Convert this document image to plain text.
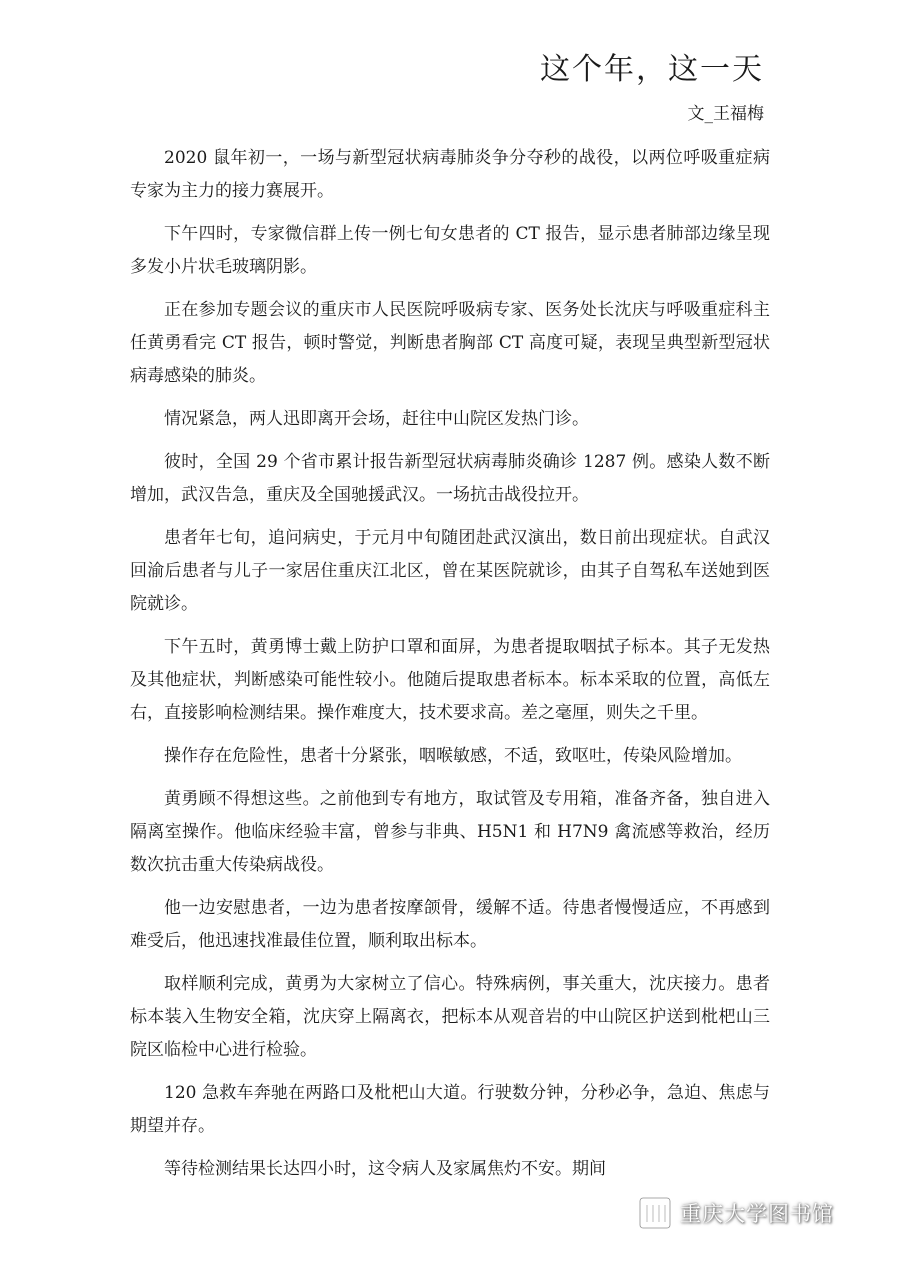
这个年，这一天
文_王福梅

2020 鼠年初一，一场与新型冠状病毒肺炎争分夺秒的战役，以两位呼吸重症病专家为主力的接力赛展开。

下午四时，专家微信群上传一例七旬女患者的 CT 报告，显示患者肺部边缘呈现多发小片状毛玻璃阴影。

正在参加专题会议的重庆市人民医院呼吸病专家、医务处长沈庆与呼吸重症科主任黄勇看完 CT 报告，顿时警觉，判断患者胸部 CT 高度可疑，表现呈典型新型冠状病毒感染的肺炎。

情况紧急，两人迅即离开会场，赶往中山院区发热门诊。

彼时，全国 29 个省市累计报告新型冠状病毒肺炎确诊 1287 例。感染人数不断增加，武汉告急，重庆及全国驰援武汉。一场抗击战役拉开。

患者年七旬，追问病史，于元月中旬随团赴武汉演出，数日前出现症状。自武汉回渝后患者与儿子一家居住重庆江北区，曾在某医院就诊，由其子自驾私车送她到医院就诊。

下午五时，黄勇博士戴上防护口罩和面屏，为患者提取咽拭子标本。其子无发热及其他症状，判断感染可能性较小。他随后提取患者标本。标本采取的位置，高低左右，直接影响检测结果。操作难度大，技术要求高。差之毫厘，则失之千里。

操作存在危险性，患者十分紧张，咽喉敏感，不适，致呕吐，传染风险增加。

黄勇顾不得想这些。之前他到专有地方，取试管及专用箱，准备齐备，独自进入隔离室操作。他临床经验丰富，曾参与非典、H5N1 和 H7N9 禽流感等救治，经历数次抗击重大传染病战役。

他一边安慰患者，一边为患者按摩颌骨，缓解不适。待患者慢慢适应，不再感到难受后，他迅速找准最佳位置，顺利取出标本。

取样顺利完成，黄勇为大家树立了信心。特殊病例，事关重大，沈庆接力。患者标本装入生物安全箱，沈庆穿上隔离衣，把标本从观音岩的中山院区护送到枇杷山三院区临检中心进行检验。

120 急救车奔驰在两路口及枇杷山大道。行驶数分钟，分秒必争，急迫、焦虑与期望并存。

等待检测结果长达四小时，这令病人及家属焦灼不安。期间

重庆大学图书馆
